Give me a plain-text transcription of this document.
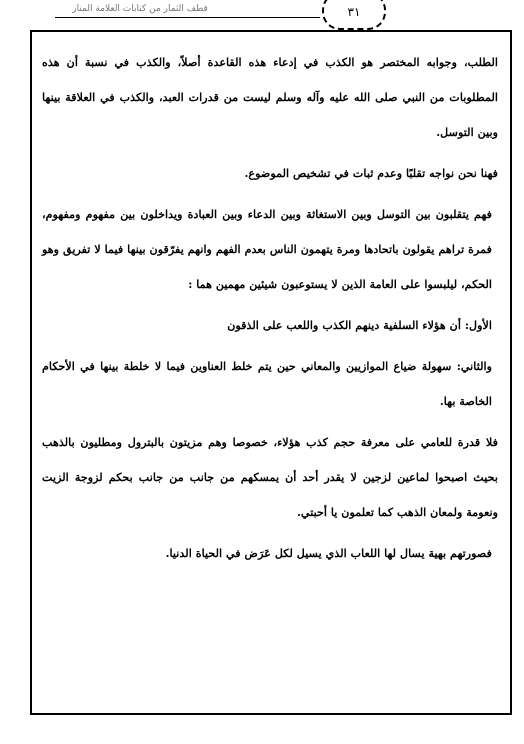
قطف الثمار من كتابات العلامة المنار	٣١

الطلب، وجوابه المختصر هو الكذب في إدعاء هذه القاعدة أصلاً، والكذب في نسبة أن هذه المطلوبات من النبي صلى الله عليه وآله وسلم ليست من قدرات العبد، والكذب في العلاقة بينها وبين التوسل.

فهنا نحن نواجه تقلبًا وعدم ثبات في تشخيص الموضوع.

فهم يتقلبون بين التوسل وبين الاستغاثة وبين الدعاء وبين العبادة ويداخلون بين مفهوم ومفهوم، فمرة تراهم يقولون باتحادها ومرة يتهمون الناس بعدم الفهم وانهم يفرّقون بينها فيما لا تفريق وهو الحكم، ليلبسوا على العامة الذين لا يستوعبون شيئين مهمين هما :

الأول: أن هؤلاء السلفية دينهم الكذب واللعب على الذقون

والثاني: سهولة ضياع الموازيين والمعاني حين يتم خلط العناوين فيما لا خلطة بينها في الأحكام الخاصة بها.

فلا قدرة للعامي على معرفة حجم كذب هؤلاء، خصوصا وهم مزيتون بالبترول ومطليون بالذهب بحيث اصبحوا لماعين لزجين لا يقدر أحد أن يمسكهم من جانب من جانب بحكم لزوجة الزيت ونعومة ولمعان الذهب كما تعلمون يا أحبتي.

فصورتهم بهية يسال لها اللعاب الذي يسيل لكل عَرَض في الحياة الدنيا.
